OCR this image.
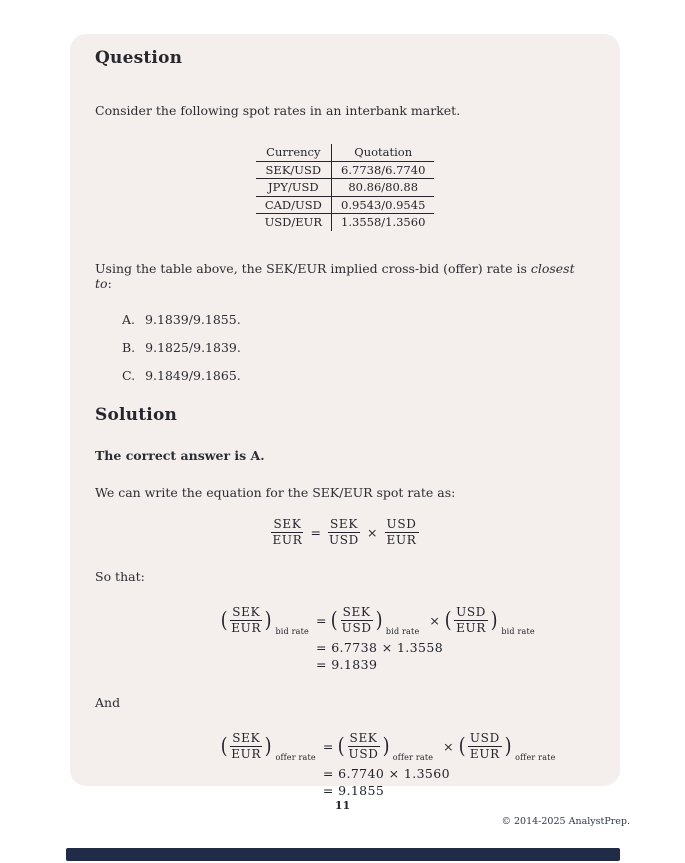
Question

Consider the following spot rates in an interbank market.

Currency	Quotation
SEK/USD	6.7738/6.7740
JPY/USD	80.86/80.88
CAD/USD	0.9543/0.9545
USD/EUR	1.3558/1.3560

Using the table above, the SEK/EUR implied cross-bid (offer) rate is closest to:

A. 9.1839/9.1855.
B. 9.1825/9.1839.
C. 9.1849/9.1865.
Solution

The correct answer is A.

We can write the equation for the SEK/EUR spot rate as:

$\frac{\text{SEK}}{\text{EUR}} = \frac{\text{SEK}}{\text{USD}} \times \frac{\text{USD}}{\text{EUR}}$

So that:

( $\frac{\text{SEK}}{\text{EUR}}$ ) bid rate
= ( $\frac{\text{SEK}}{\text{USD}}$ ) bid rate
× ( $\frac{\text{USD}}{\text{EUR}}$ ) bid rate
= 6.7738 × 1.3558
= 9.1839

And

( $\frac{\text{SEK}}{\text{EUR}}$ ) offer rate
= ( $\frac{\text{SEK}}{\text{USD}}$ ) offer rate
× ( $\frac{\text{USD}}{\text{EUR}}$ ) offer rate
= 6.7740 × 1.3560
= 9.1855
11
© 2014-2025 AnalystPrep.
